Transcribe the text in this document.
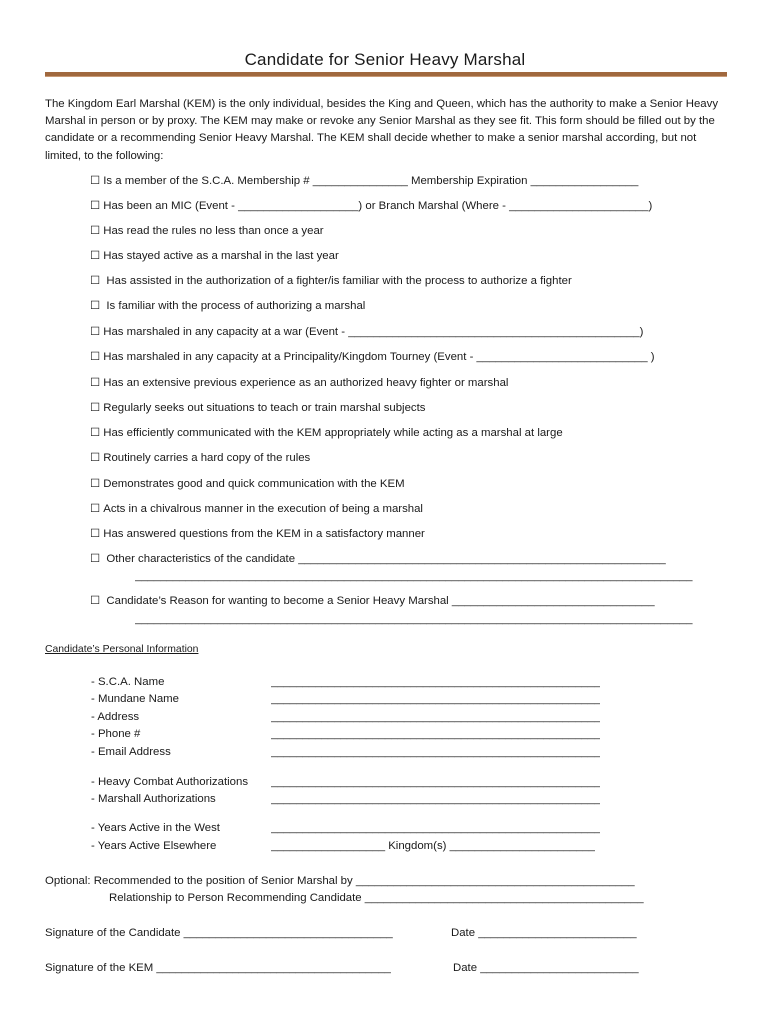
Candidate for Senior Heavy Marshal
The Kingdom Earl Marshal (KEM) is the only individual, besides the King and Queen, which has the authority to make a Senior Heavy Marshal in person or by proxy. The KEM may make or revoke any Senior Marshal as they see fit. This form should be filled out by the candidate or a recommending Senior Heavy Marshal. The KEM shall decide whether to make a senior marshal according, but not limited, to the following:
☐ Is a member of the S.C.A. Membership # _______________ Membership Expiration _________________
☐ Has been an MIC (Event - ___________________) or Branch Marshal (Where - ______________________)
☐ Has read the rules no less than once a year
☐ Has stayed active as a marshal in the last year
☐ Has assisted in the authorization of a fighter/is familiar with the process to authorize a fighter
☐ Is familiar with the process of authorizing a marshal
☐ Has marshaled in any capacity at a war (Event - ______________________________________________)
☐ Has marshaled in any capacity at a Principality/Kingdom Tourney (Event - ___________________________ )
☐ Has an extensive previous experience as an authorized heavy fighter or marshal
☐ Regularly seeks out situations to teach or train marshal subjects
☐ Has efficiently communicated with the KEM appropriately while acting as a marshal at large
☐ Routinely carries a hard copy of the rules
☐ Demonstrates good and quick communication with the KEM
☐ Acts in a chivalrous manner in the execution of being a marshal
☐ Has answered questions from the KEM in a satisfactory manner
☐ Other characteristics of the candidate __________________________________________________________
________________________________________________________________________________________
☐ Candidate’s Reason for wanting to become a Senior Heavy Marshal ________________________________
________________________________________________________________________________________
Candidate’s Personal Information
- S.C.A. Name	____________________________________________________
- Mundane Name	____________________________________________________
- Address	____________________________________________________
- Phone #	____________________________________________________
- Email Address	____________________________________________________
- Heavy Combat Authorizations ____________________________________________________
- Marshall Authorizations	____________________________________________________
- Years Active in the West	____________________________________________________
- Years Active Elsewhere	__________________ Kingdom(s) _______________________
Optional: Recommended to the position of Senior Marshal by ____________________________________________
Relationship to Person Recommending Candidate ____________________________________________
Signature of the Candidate _________________________________	Date _________________________
Signature of the KEM _____________________________________	Date _________________________
